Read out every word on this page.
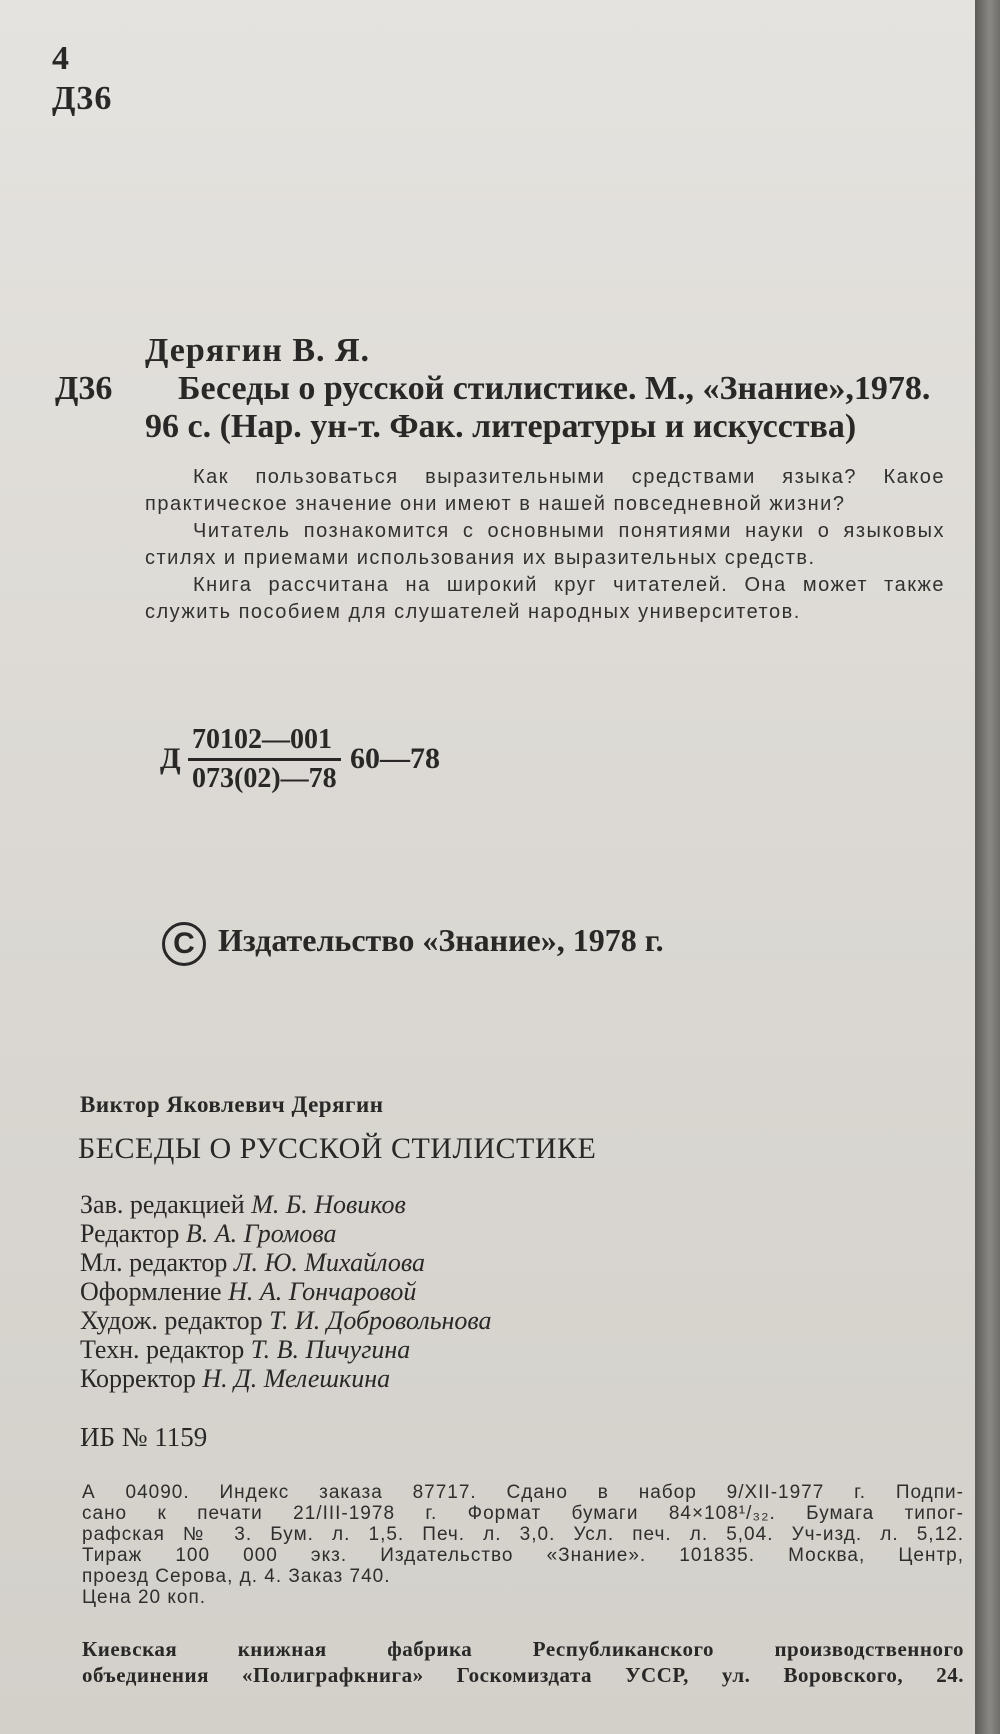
4
Д36
Дерягин В. Я.
Д36 Беседы о русской стилистике. М., «Знание»,1978.
96 с. (Нар. ун-т. Фак. литературы и искусства)

Как пользоваться выразительными средствами языка? Какое практическое значение они имеют в нашей повседневной жизни?

Читатель познакомится с основными понятиями науки о языковых стилях и приемами использования их выразительных средств.

Книга рассчитана на широкий круг читателей. Она может также служить пособием для слушателей народных университетов.

Д $\frac{70102—001}{073(02)—78}$ 60—78
C Издательство «Знание», 1978 г.
Виктор Яковлевич Дерягин
БЕСЕДЫ О РУССКОЙ СТИЛИСТИКЕ
Зав. редакцией М. Б. Новиков
Редактор В. А. Громова
Мл. редактор Л. Ю. Михайлова
Оформление Н. А. Гончаровой
Худож. редактор Т. И. Добровольнова
Техн. редактор Т. В. Пичугина
Корректор Н. Д. Мелешкина
ИБ № 1159
А 04090. Индекс заказа 87717. Сдано в набор 9/XII-1977 г. Подпи-
сано к печати 21/III-1978 г. Формат бумаги 84×108¹/₃₂. Бумага типог-
рафская № 3. Бум. л. 1,5. Печ. л. 3,0. Усл. печ. л. 5,04. Уч-изд. л. 5,12.
Тираж 100 000 экз. Издательство «Знание». 101835. Москва, Центр,
проезд Серова, д. 4. Заказ 740.
Цена 20 коп.
Киевская книжная фабрика Республиканского производственного
объединения «Полиграфкнига» Госкомиздата УССР, ул. Воровского, 24.
